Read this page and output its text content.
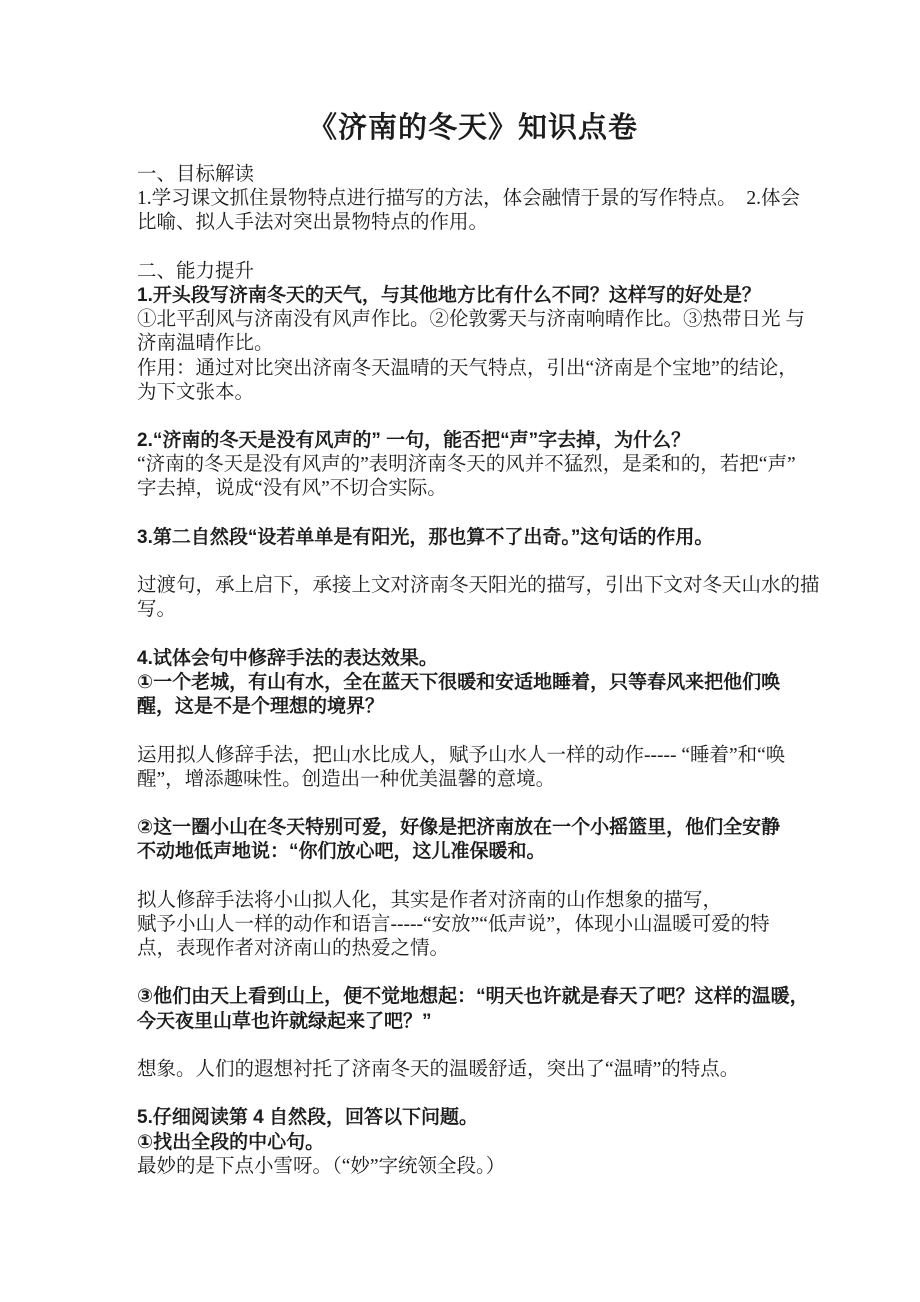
《济南的冬天》知识点卷
一、目标解读
1.学习课文抓住景物特点进行描写的方法，体会融情于景的写作特点。　2.体会
比喻、拟人手法对突出景物特点的作用。
二、能力提升
1.开头段写济南冬天的天气，与其他地方比有什么不同？这样写的好处是？
①北平刮风与济南没有风声作比。②伦敦雾天与济南响晴作比。③热带日光 与
济南温晴作比。
作用：通过对比突出济南冬天温晴的天气特点，引出“济南是个宝地”的结论，
为下文张本。
2.“济南的冬天是没有风声的” 一句，能否把“声”字去掉，为什么？
“济南的冬天是没有风声的”表明济南冬天的风并不猛烈，是柔和的，若把“声”
字去掉，说成“没有风”不切合实际。
3.第二自然段“设若单单是有阳光，那也算不了出奇。”这句话的作用。
过渡句，承上启下，承接上文对济南冬天阳光的描写，引出下文对冬天山水的描
写。
4.试体会句中修辞手法的表达效果。
①一个老城，有山有水，全在蓝天下很暖和安适地睡着，只等春风来把他们唤
醒，这是不是个理想的境界？
运用拟人修辞手法，把山水比成人，赋予山水人一样的动作----- “睡着”和“唤
醒”，增添趣味性。创造出一种优美温馨的意境。
②这一圈小山在冬天特别可爱，好像是把济南放在一个小摇篮里，他们全安静
不动地低声地说：“你们放心吧，这儿准保暖和。
拟人修辞手法将小山拟人化，其实是作者对济南的山作想象的描写，
赋予小山人一样的动作和语言-----“安放”“低声说”，体现小山温暖可爱的特
点，表现作者对济南山的热爱之情。
③他们由天上看到山上，便不觉地想起：“明天也许就是春天了吧？这样的温暖，
今天夜里山草也许就绿起来了吧？”
想象。人们的遐想衬托了济南冬天的温暖舒适，突出了“温晴”的特点。
5.仔细阅读第 4 自然段，回答以下问题。
①找出全段的中心句。
最妙的是下点小雪呀。（“妙”字统领全段。）
